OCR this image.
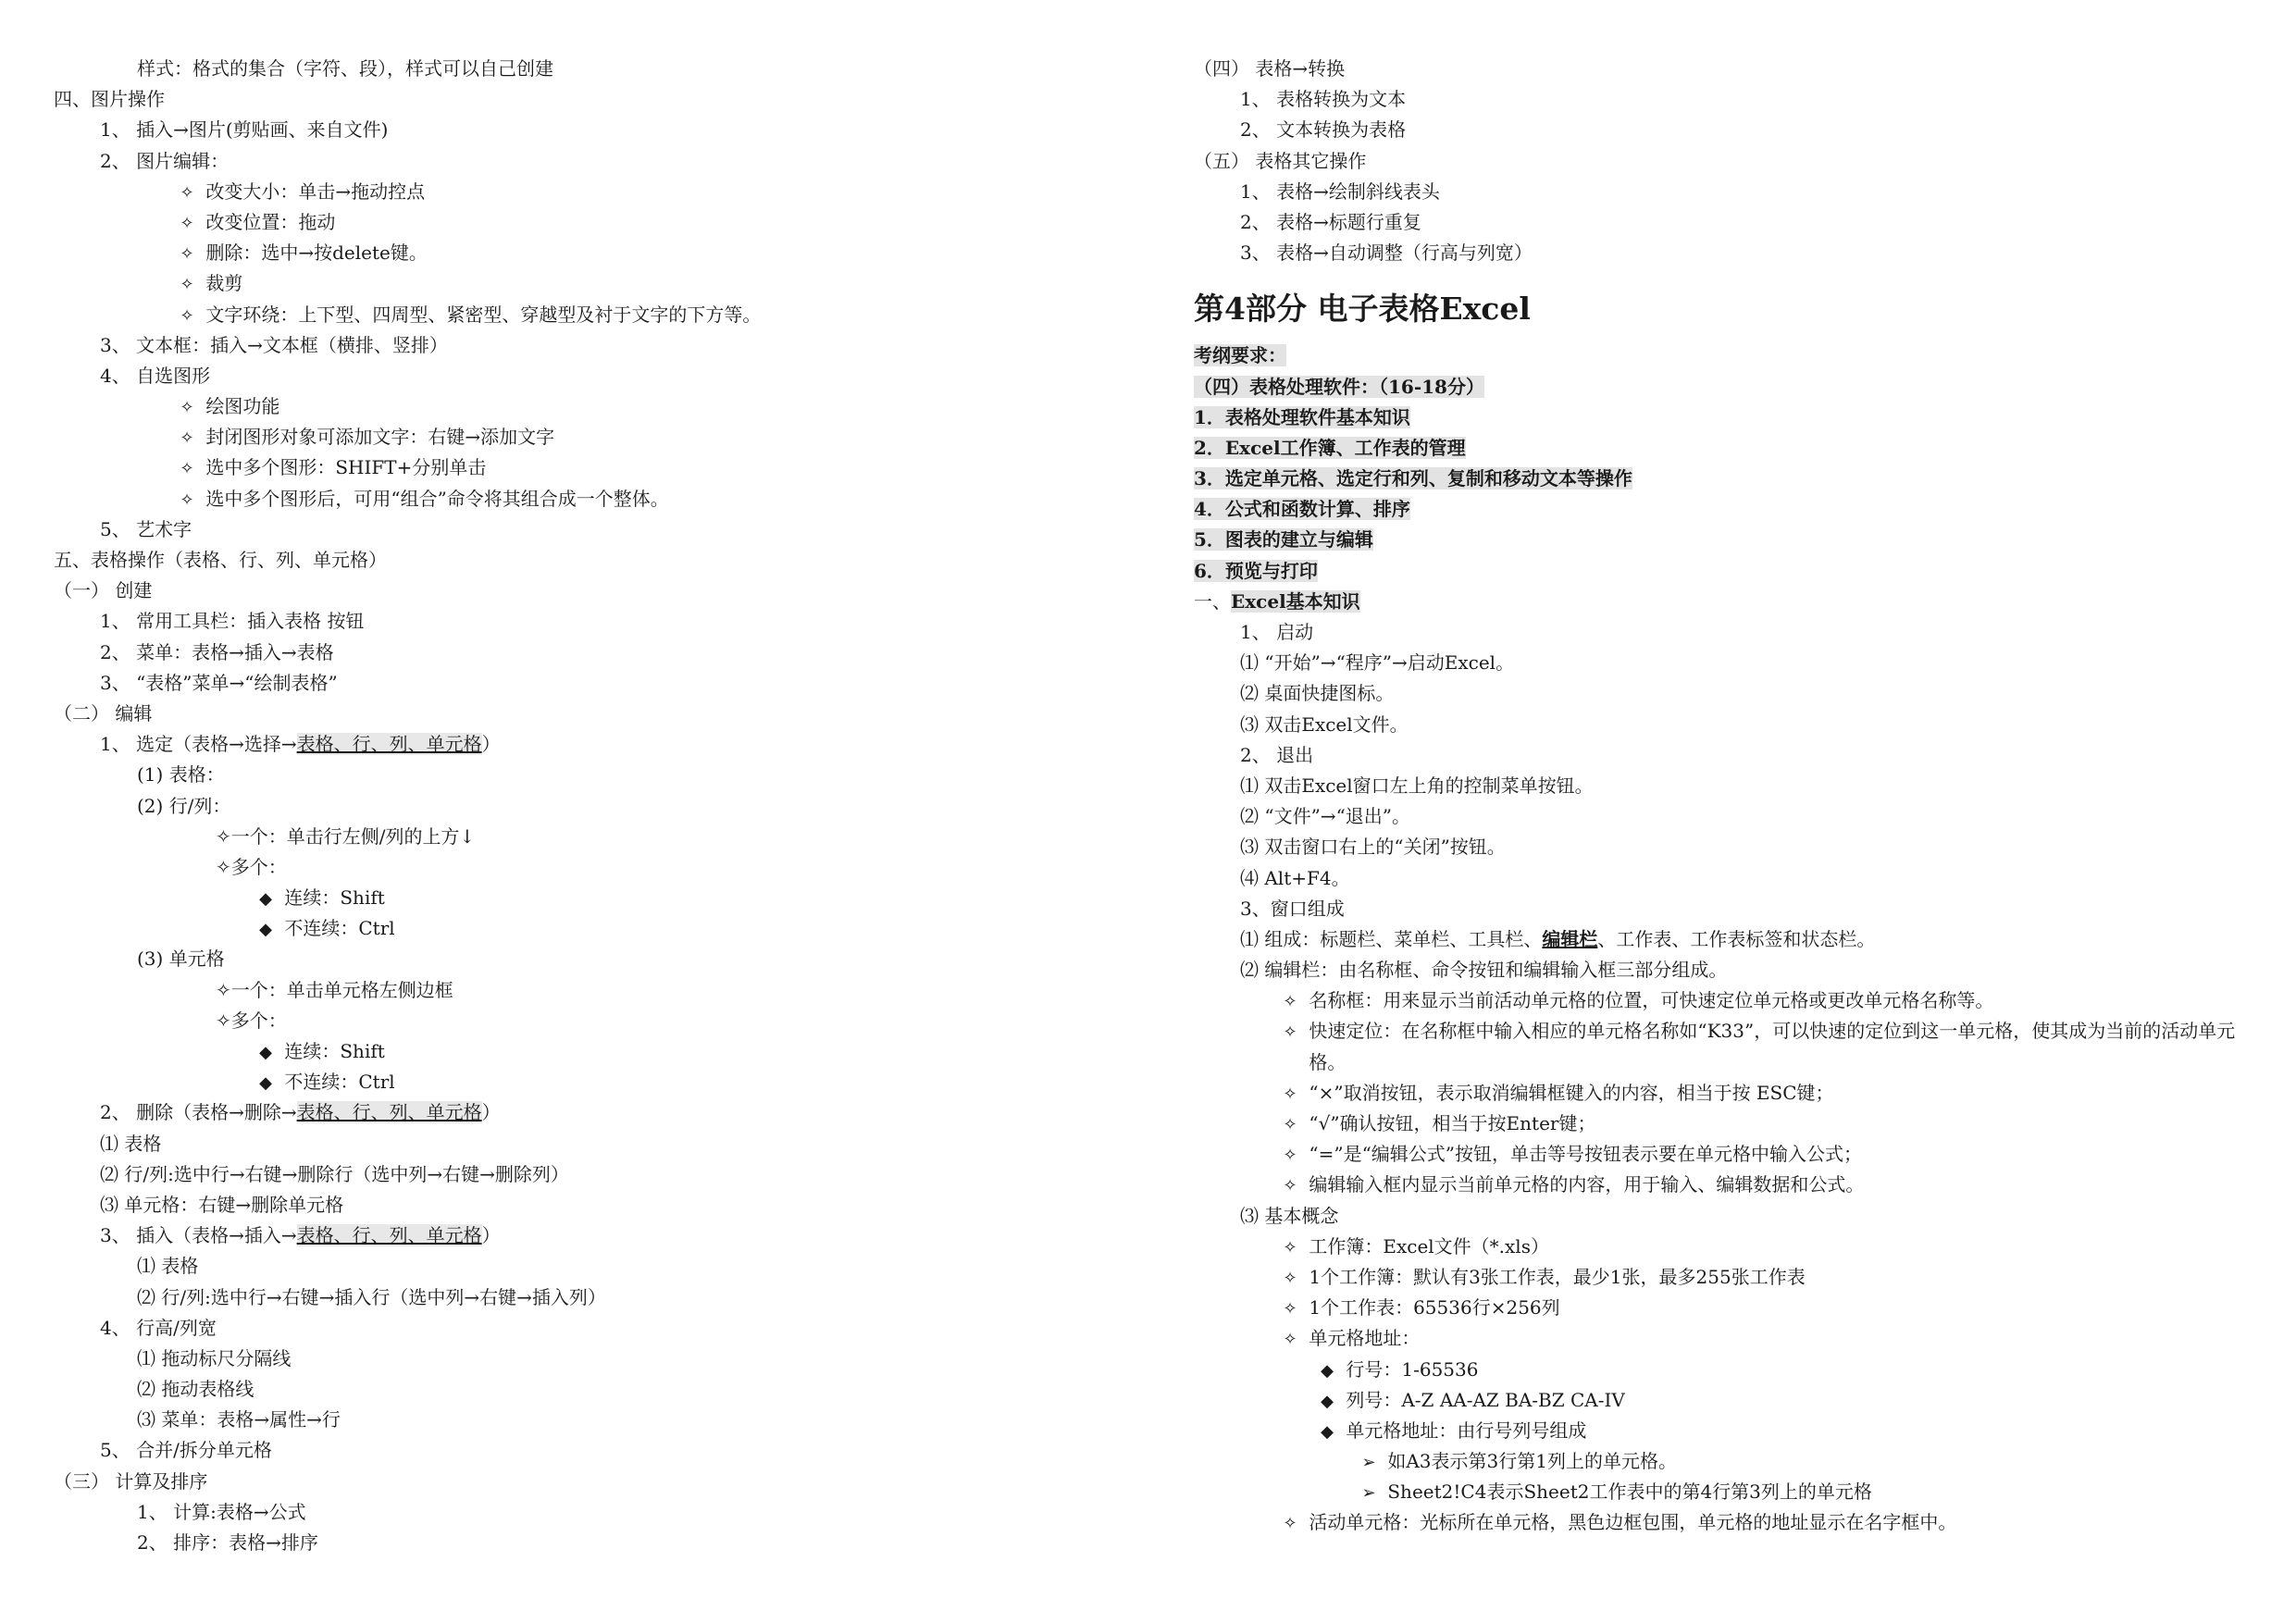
样式：格式的集合（字符、段），样式可以自己创建
四、图片操作
1、 插入→图片(剪贴画、来自文件)
2、 图片编辑：
✧ 改变大小：单击→拖动控点
✧ 改变位置：拖动
✧ 删除：选中→按delete键。
✧ 裁剪
✧ 文字环绕：上下型、四周型、紧密型、穿越型及衬于文字的下方等。
3、 文本框：插入→文本框（横排、竖排）
4、 自选图形
✧ 绘图功能
✧ 封闭图形对象可添加文字：右键→添加文字
✧ 选中多个图形：SHIFT+分别单击
✧ 选中多个图形后，可用“组合”命令将其组合成一个整体。
5、 艺术字
五、表格操作（表格、行、列、单元格）
（一） 创建
1、 常用工具栏：插入表格 按钮
2、 菜单：表格→插入→表格
3、 “表格”菜单→“绘制表格”
（二） 编辑
1、 选定（表格→选择→表格、行、列、单元格）
(1) 表格：
(2) 行/列：
✧一个：单击行左侧/列的上方↓
✧多个：
◆ 连续：Shift
◆ 不连续：Ctrl
(3) 单元格
✧一个：单击单元格左侧边框
✧多个：
◆ 连续：Shift
◆ 不连续：Ctrl
2、 删除（表格→删除→表格、行、列、单元格）
⑴ 表格
⑵ 行/列:选中行→右键→删除行（选中列→右键→删除列）
⑶ 单元格：右键→删除单元格
3、 插入（表格→插入→表格、行、列、单元格）
⑴ 表格
⑵ 行/列:选中行→右键→插入行（选中列→右键→插入列）
4、 行高/列宽
⑴ 拖动标尺分隔线
⑵ 拖动表格线
⑶ 菜单：表格→属性→行
5、 合并/拆分单元格
（三） 计算及排序
1、 计算:表格→公式
2、 排序：表格→排序
（四） 表格→转换
1、 表格转换为文本
2、 文本转换为表格
（五） 表格其它操作
1、 表格→绘制斜线表头
2、 表格→标题行重复
3、 表格→自动调整（行高与列宽）
第4部分 电子表格Excel
考纲要求：
（四）表格处理软件：（16-18分）
1．表格处理软件基本知识
2．Excel工作簿、工作表的管理
3．选定单元格、选定行和列、复制和移动文本等操作
4．公式和函数计算、排序
5．图表的建立与编辑
6．预览与打印
一、Excel基本知识
1、 启动
⑴ “开始”→“程序”→启动Excel。
⑵ 桌面快捷图标。
⑶ 双击Excel文件。
2、 退出
⑴ 双击Excel窗口左上角的控制菜单按钮。
⑵ “文件”→“退出”。
⑶ 双击窗口右上的“关闭”按钮。
⑷ Alt+F4。
3、窗口组成
⑴ 组成：标题栏、菜单栏、工具栏、编辑栏、工作表、工作表标签和状态栏。
⑵ 编辑栏：由名称框、命令按钮和编辑输入框三部分组成。
✧ 名称框：用来显示当前活动单元格的位置，可快速定位单元格或更改单元格名称等。
✧ 快速定位：在名称框中输入相应的单元格名称如“K33”，可以快速的定位到这一单元格，使其成为当前的活动单元格。
✧ “×”取消按钮，表示取消编辑框键入的内容，相当于按 ESC键；
✧ “√”确认按钮，相当于按Enter键；
✧ “=”是“编辑公式”按钮，单击等号按钮表示要在单元格中输入公式；
✧ 编辑输入框内显示当前单元格的内容，用于输入、编辑数据和公式。
⑶ 基本概念
✧ 工作簿：Excel文件（*.xls）
✧ 1个工作簿：默认有3张工作表，最少1张，最多255张工作表
✧ 1个工作表：65536行×256列
✧ 单元格地址：
◆ 行号：1-65536
◆ 列号：A-Z AA-AZ BA-BZ CA-IV
◆ 单元格地址：由行号列号组成
➢ 如A3表示第3行第1列上的单元格。
➢ Sheet2!C4表示Sheet2工作表中的第4行第3列上的单元格
✧ 活动单元格：光标所在单元格，黑色边框包围，单元格的地址显示在名字框中。
